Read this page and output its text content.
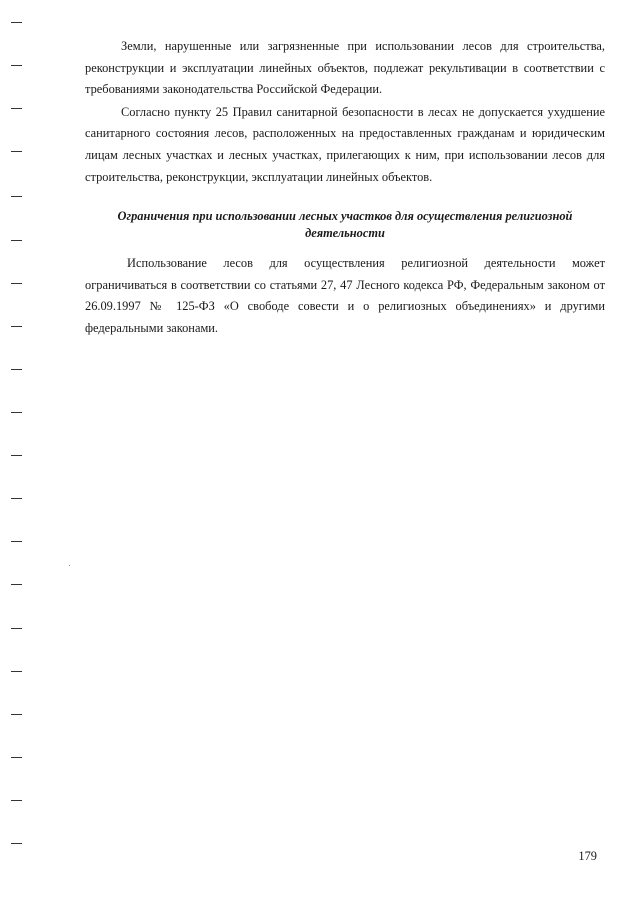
Земли, нарушенные или загрязненные при использовании лесов для строительства, реконструкции и эксплуатации линейных объектов, подлежат рекультивации в соответствии с требованиями законодательства Российской Федерации.

Согласно пункту 25 Правил санитарной безопасности в лесах не допускается ухудшение санитарного состояния лесов, расположенных на предоставленных гражданам и юридическим лицам лесных участках и лесных участках, прилегающих к ним, при использовании лесов для строительства, реконструкции, эксплуатации линейных объектов.

Ограничения при использовании лесных участков для осуществления религиозной деятельности

Использование лесов для осуществления религиозной деятельности может ограничиваться в соответствии со статьями 27, 47 Лесного кодекса РФ, Федеральным законом от 26.09.1997 № 125-ФЗ «О свободе совести и о религиозных объединениях» и другими федеральными законами.

179
